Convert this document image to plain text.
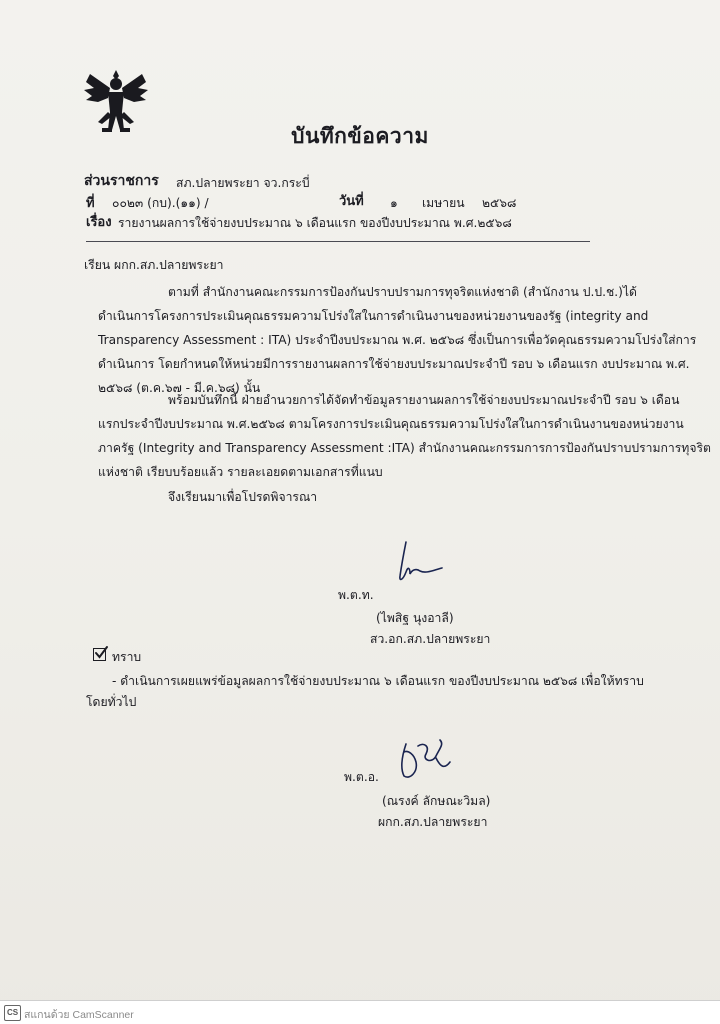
บันทึกข้อความ
ส่วนราชการ สภ.ปลายพระยา จว.กระบี่
ที่ ๐๐๒๓ (กบ).(๑๑) /	วันที่ ๑ เมษายน ๒๕๖๘
เรื่อง รายงานผลการใช้จ่ายงบประมาณ ๖ เดือนแรก ของปีงบประมาณ พ.ศ.๒๕๖๘
เรียน ผกก.สภ.ปลายพระยา
ตามที่ สำนักงานคณะกรรมการป้องกันปราบปรามการทุจริตแห่งชาติ (สำนักงาน ป.ป.ช.)ได้
ดำเนินการโครงการประเมินคุณธรรมความโปร่งใสในการดำเนินงานของหน่วยงานของรัฐ (integrity and
Transparency Assessment : ITA) ประจำปีงบประมาณ พ.ศ. ๒๕๖๘ ซึ่งเป็นการเพื่อวัดคุณธรรมความโปร่งใส่การ
ดำเนินการ โดยกำหนดให้หน่วยมีการรายงานผลการใช้จ่ายงบประมาณประจำปี รอบ ๖ เดือนแรก งบประมาณ พ.ศ.
๒๕๖๘ (ต.ค.๖๗ - มี.ค.๖๘) นั้น
พร้อมบันทึกนี้ ฝ่ายอำนวยการได้จัดทำข้อมูลรายงานผลการใช้จ่ายงบประมาณประจำปี รอบ ๖ เดือน
แรกประจำปีงบประมาณ พ.ศ.๒๕๖๘ ตามโครงการประเมินคุณธรรมความโปร่งใสในการดำเนินงานของหน่วยงาน
ภาครัฐ (Integrity and Transparency Assessment :ITA) สำนักงานคณะกรรมการการป้องกันปราบปรามการทุจริต
แห่งชาติ เรียบบร้อยแล้ว รายละเอยดตามเอกสารที่แนบ
จึงเรียนมาเพื่อโปรดพิจารณา
พ.ต.ท.
(ไพสิฐ นุงอาลี)
สว.อก.สภ.ปลายพระยา
ทราบ
- ดำเนินการเผยแพร่ข้อมูลผลการใช้จ่ายงบประมาณ ๖ เดือนแรก ของปีงบประมาณ ๒๕๖๘ เพื่อให้ทราบ
โดยทั่วไป
พ.ต.อ.
(ณรงค์ ลักษณะวิมล)
ผกก.สภ.ปลายพระยา
CS สแกนด้วย CamScanner
